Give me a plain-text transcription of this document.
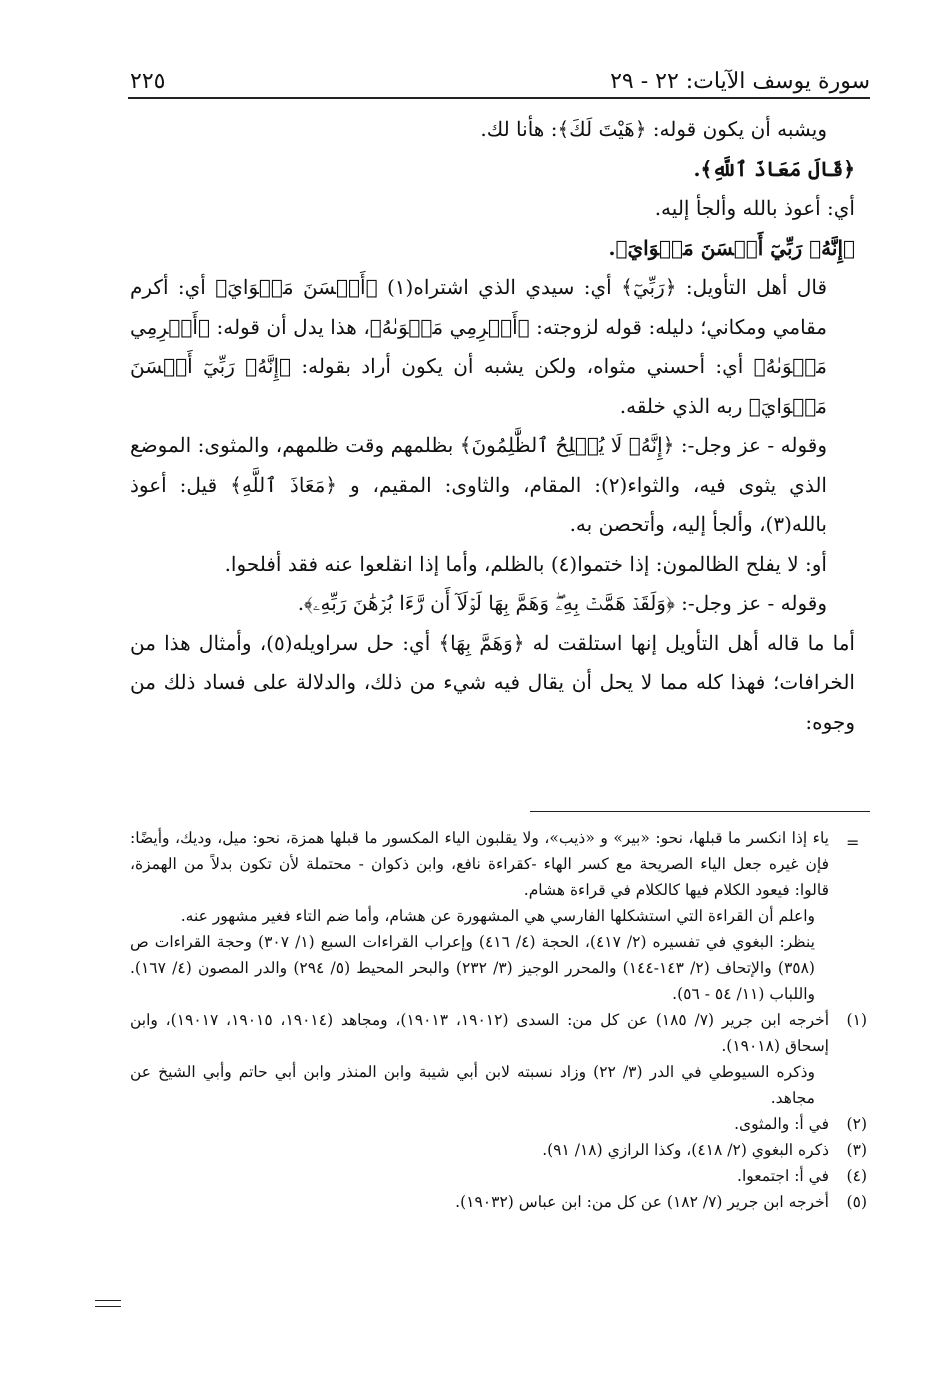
سورة يوسف الآيات: ٢٢ - ٢٩
٢٢٥

ويشبه أن يكون قوله: ﴿هَيْتَ لَكَ﴾: هأنا لك.

﴿قَالَ مَعَاذَ ٱللَّهِ﴾.

أي: أعوذ بالله وألجأ إليه.

﴿إِنَّهُۥ رَبِّيٓ أَحۡسَنَ مَثۡوَايَ﴾.

قال أهل التأويل: ﴿رَبِّيٓ﴾ أي: سيدي الذي اشتراه(١) ﴿أَحۡسَنَ مَثۡوَايَ﴾ أي: أكرم مقامي ومكاني؛ دليله: قوله لزوجته: ﴿أَكۡرِمِي مَثۡوَىٰهُ﴾، هذا يدل أن قوله: ﴿أَكۡرِمِي مَثۡوَىٰهُ﴾ أي: أحسني مثواه، ولكن يشبه أن يكون أراد بقوله: ﴿إِنَّهُۥ رَبِّيٓ أَحۡسَنَ مَثۡوَايَ﴾ ربه الذي خلقه.

وقوله - عز وجل-: ﴿إِنَّهُۥ لَا يُفۡلِحُ ٱلظَّٰلِمُونَ﴾ بظلمهم وقت ظلمهم، والمثوى: الموضع الذي يثوى فيه، والثواء(٢): المقام، والثاوى: المقيم، و ﴿مَعَاذَ ٱللَّهِ﴾ قيل: أعوذ بالله(٣)، وألجأ إليه، وأتحصن به.

أو: لا يفلح الظالمون: إذا ختموا(٤) بالظلم، وأما إذا انقلعوا عنه فقد أفلحوا.

وقوله - عز وجل-: ﴿وَلَقَدۡ هَمَّتۡ بِهِۦۖ وَهَمَّ بِهَا لَوۡلَآ أَن رَّءَا بُرۡهَٰنَ رَبِّهِۦ﴾.

أما ما قاله أهل التأويل إنها استلقت له ﴿وَهَمَّ بِهَا﴾ أي: حل سراويله(٥)، وأمثال هذا من الخرافات؛ فهذا كله مما لا يحل أن يقال فيه شيء من ذلك، والدلالة على فساد ذلك من وجوه:

=

ياء إذا انكسر ما قبلها، نحو: «بير» و «ذيب»، ولا يقلبون الياء المكسور ما قبلها همزة، نحو: ميل، وديك، وأيضًا: فإن غيره جعل الياء الصريحة مع كسر الهاء -كقراءة نافع، وابن ذكوان - محتملة لأن تكون بدلاً من الهمزة، قالوا: فيعود الكلام فيها كالكلام في قراءة هشام.

واعلم أن القراءة التي استشكلها الفارسي هي المشهورة عن هشام، وأما ضم التاء فغير مشهور عنه.

ينظر: البغوي في تفسيره (٢/ ٤١٧)، الحجة (٤/ ٤١٦) وإعراب القراءات السبع (١/ ٣٠٧) وحجة القراءات ص (٣٥٨) والإتحاف (٢/ ١٤٣-١٤٤) والمحرر الوجيز (٣/ ٢٣٢) والبحر المحيط (٥/ ٢٩٤) والدر المصون (٤/ ١٦٧). واللباب (١١/ ٥٤ - ٥٦).

(١)
أخرجه ابن جرير (٧/ ١٨٥) عن كل من: السدى (١٩٠١٢، ١٩٠١٣)، ومجاهد (١٩٠١٤، ١٩٠١٥، ١٩٠١٧)، وابن إسحاق (١٩٠١٨).

وذكره السيوطي في الدر (٣/ ٢٢) وزاد نسبته لابن أبي شيبة وابن المنذر وابن أبي حاتم وأبي الشيخ عن مجاهد.

(٢)
في أ: والمثوى.
(٣)
ذكره البغوي (٢/ ٤١٨)، وكذا الرازي (١٨/ ٩١).
(٤)
في أ: اجتمعوا.
(٥)
أخرجه ابن جرير (٧/ ١٨٢) عن كل من: ابن عباس (١٩٠٣٢).
